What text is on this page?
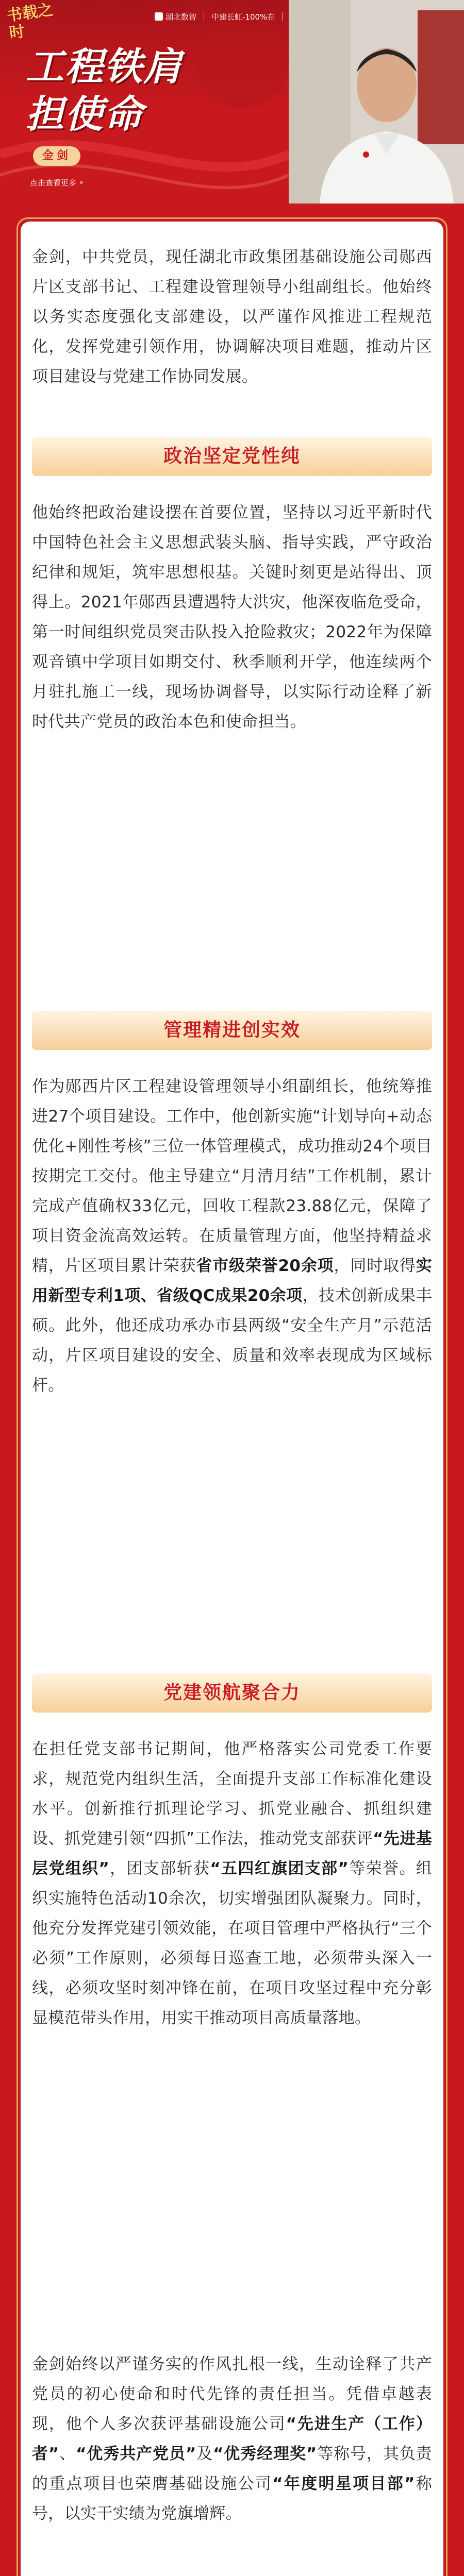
书载之时
湖北数智 中建长虹-100%在
工程铁肩
担使命
金剑
点击查看更多 »

金剑，中共党员，现任湖北市政集团基础设施公司郧西片区支部书记、工程建设管理领导小组副组长。他始终以务实态度强化支部建设，以严谨作风推进工程规范化，发挥党建引领作用，协调解决项目难题，推动片区项目建设与党建工作协同发展。

政治坚定党性纯

他始终把政治建设摆在首要位置，坚持以习近平新时代中国特色社会主义思想武装头脑、指导实践，严守政治纪律和规矩，筑牢思想根基。关键时刻更是站得出、顶得上。2021年郧西县遭遇特大洪灾，他深夜临危受命，第一时间组织党员突击队投入抢险救灾；2022年为保障观音镇中学项目如期交付、秋季顺利开学，他连续两个月驻扎施工一线，现场协调督导，以实际行动诠释了新时代共产党员的政治本色和使命担当。

管理精进创实效

作为郧西片区工程建设管理领导小组副组长，他统筹推进27个项目建设。工作中，他创新实施“计划导向+动态优化+刚性考核”三位一体管理模式，成功推动24个项目按期完工交付。他主导建立“月清月结”工作机制，累计完成产值确权33亿元，回收工程款23.88亿元，保障了项目资金流高效运转。在质量管理方面，他坚持精益求精，片区项目累计荣获省市级荣誉20余项，同时取得实用新型专利1项、省级QC成果20余项，技术创新成果丰硕。此外，他还成功承办市县两级“安全生产月”示范活动，片区项目建设的安全、质量和效率表现成为区域标杆。

党建领航聚合力

在担任党支部书记期间，他严格落实公司党委工作要求，规范党内组织生活，全面提升支部工作标准化建设水平。创新推行抓理论学习、抓党业融合、抓组织建设、抓党建引领“四抓”工作法，推动党支部获评“先进基层党组织”，团支部斩获“五四红旗团支部”等荣誉。组织实施特色活动10余次，切实增强团队凝聚力。同时，他充分发挥党建引领效能，在项目管理中严格执行“三个必须”工作原则，必须每日巡查工地，必须带头深入一线，必须攻坚时刻冲锋在前，在项目攻坚过程中充分彰显模范带头作用，用实干推动项目高质量落地。

金剑始终以严谨务实的作风扎根一线，生动诠释了共产党员的初心使命和时代先锋的责任担当。凭借卓越表现，他个人多次获评基础设施公司“先进生产（工作）者”、“优秀共产党员”及“优秀经理奖”等称号，其负责的重点项目也荣膺基础设施公司“年度明星项目部”称号，以实干实绩为党旗增辉。
